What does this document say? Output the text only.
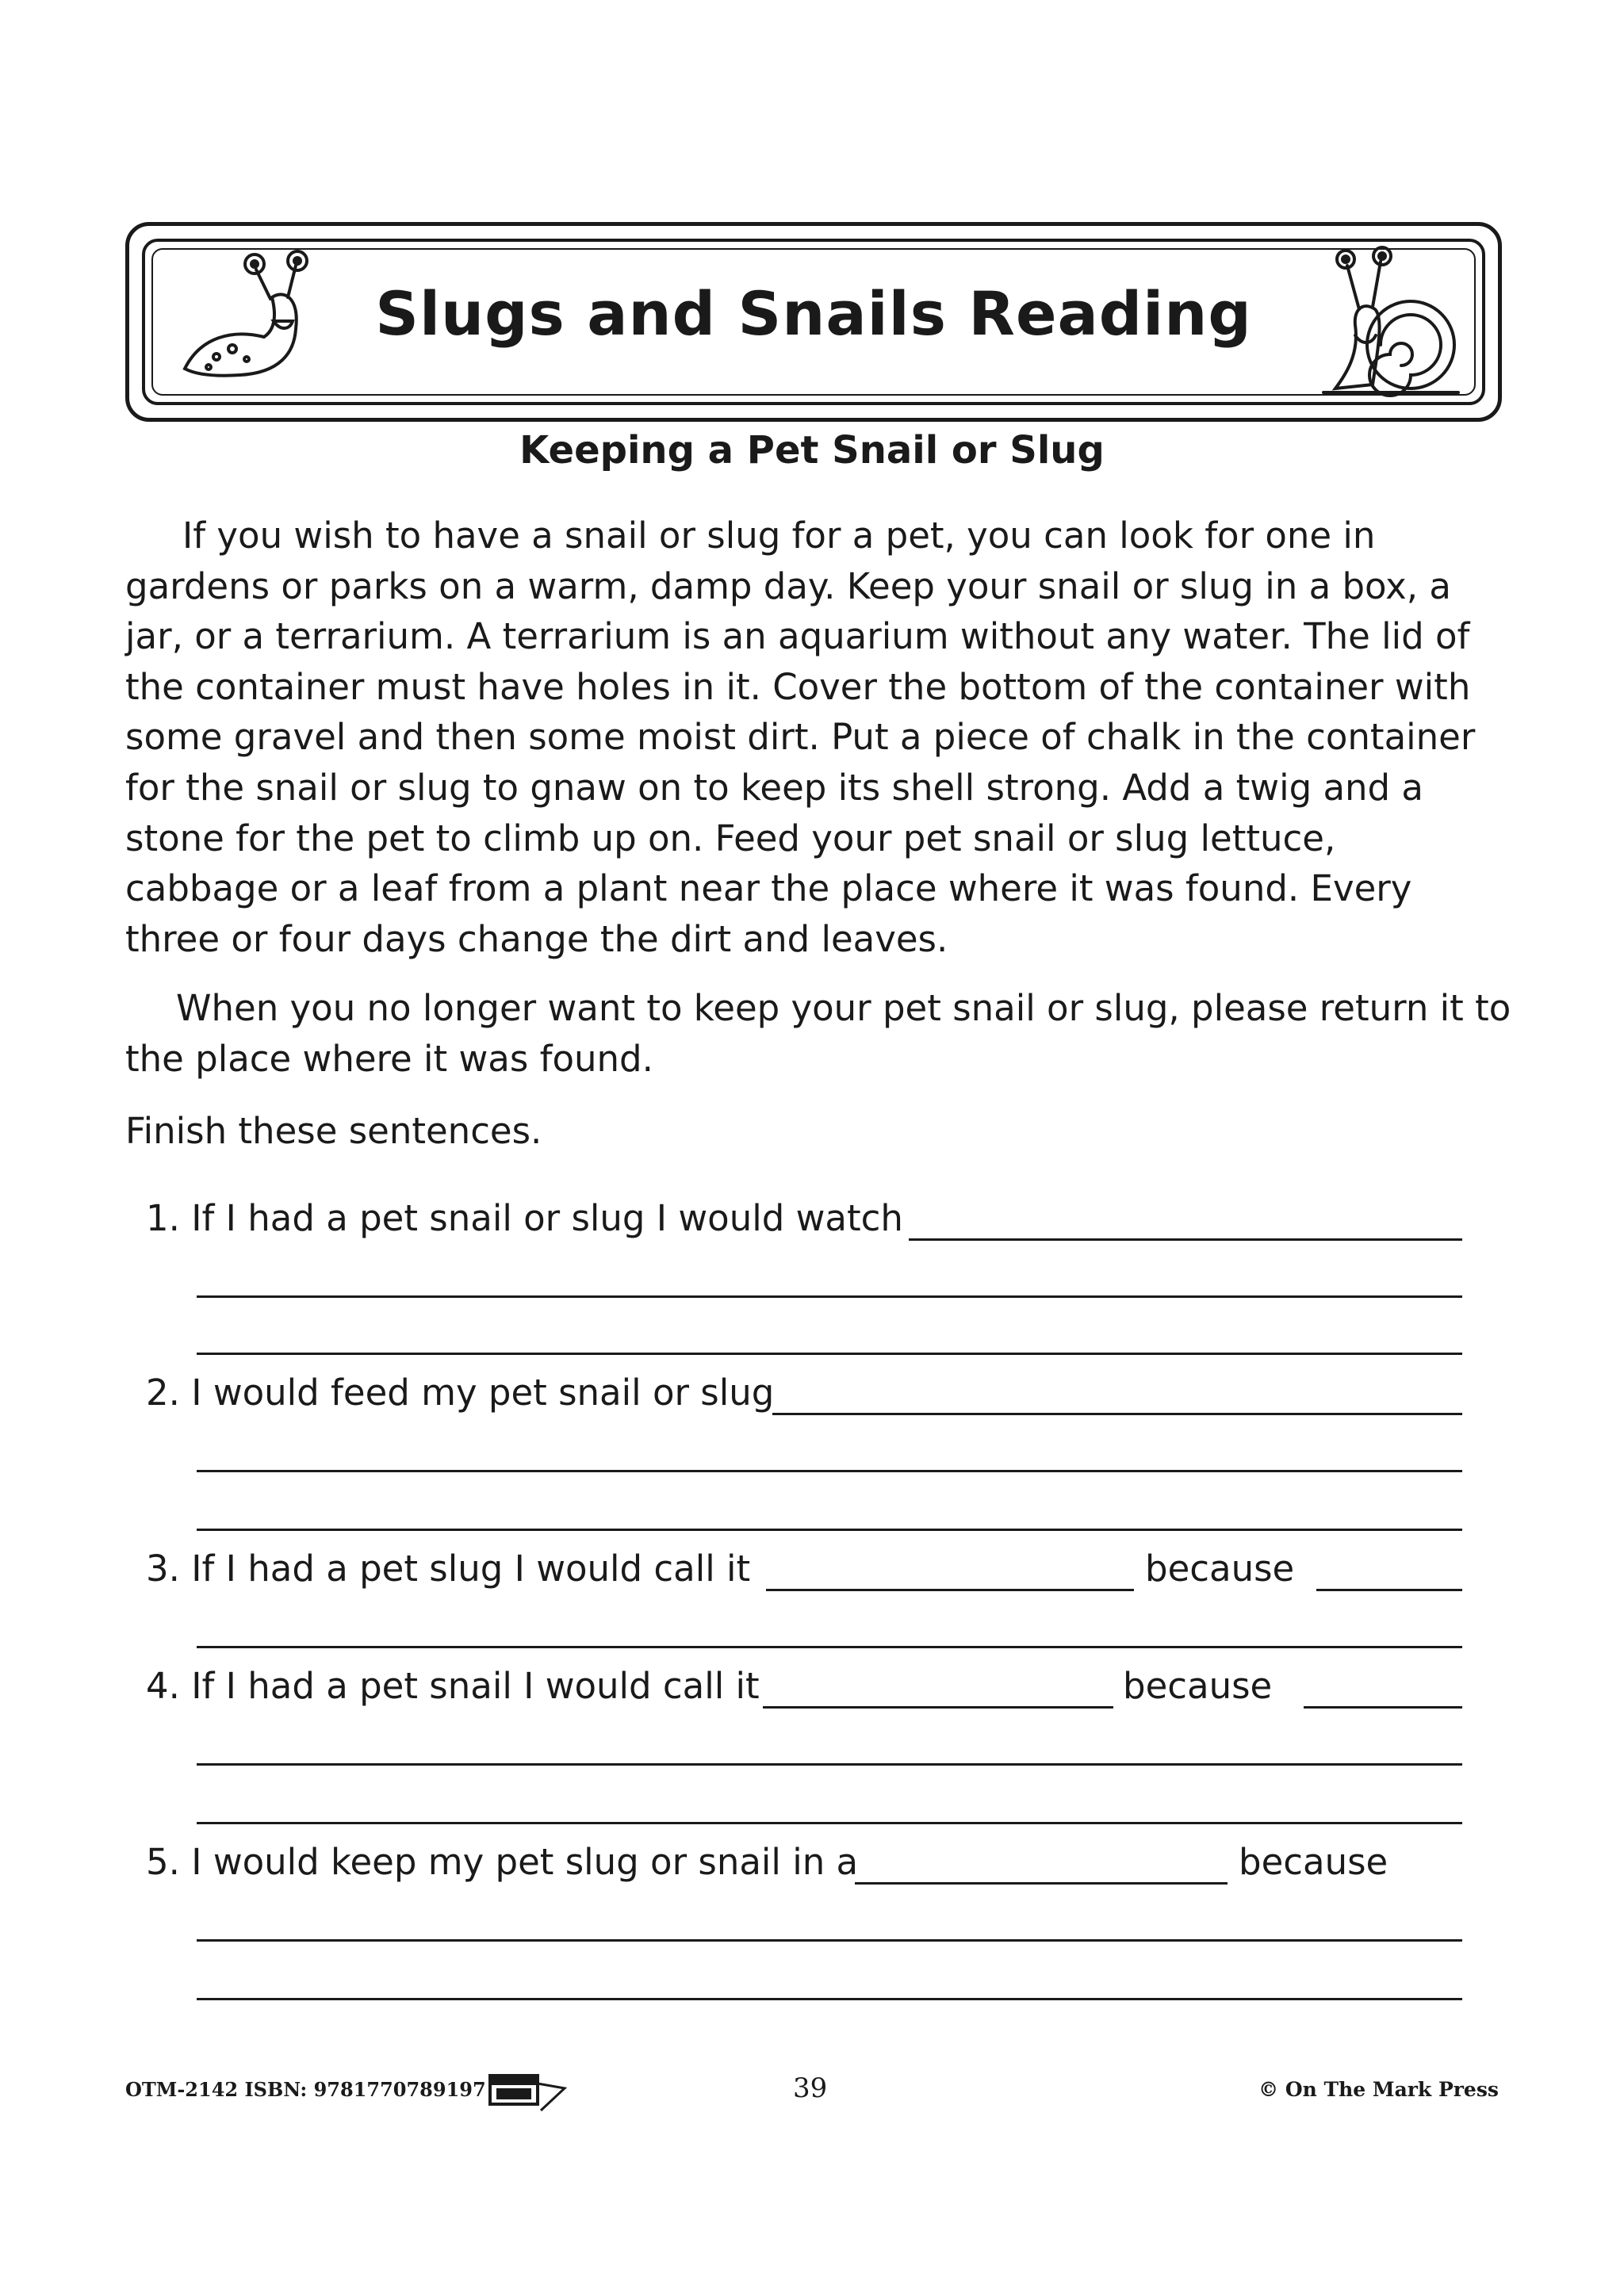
Slugs and Snails Reading
Keeping a Pet Snail or Slug
If you wish to have a snail or slug for a pet, you can look for one in
gardens or parks on a warm, damp day. Keep your snail or slug in a box, a
jar, or a terrarium. A terrarium is an aquarium without any water. The lid of
the container must have holes in it. Cover the bottom of the container with
some gravel and then some moist dirt. Put a piece of chalk in the container
for the snail or slug to gnaw on to keep its shell strong. Add a twig and a
stone for the pet to climb up on. Feed your pet snail or slug lettuce,
cabbage or a leaf from a plant near the place where it was found. Every
three or four days change the dirt and leaves.
When you no longer want to keep your pet snail or slug, please return it to
the place where it was found.
Finish these sentences.
1. If I had a pet snail or slug I would watch
2. I would feed my pet snail or slug
3. If I had a pet slug I would call it	because
4. If I had a pet snail I would call it	because
5. I would keep my pet slug or snail in a	because
OTM-2142 ISBN: 9781770789197	39	© On The Mark Press
